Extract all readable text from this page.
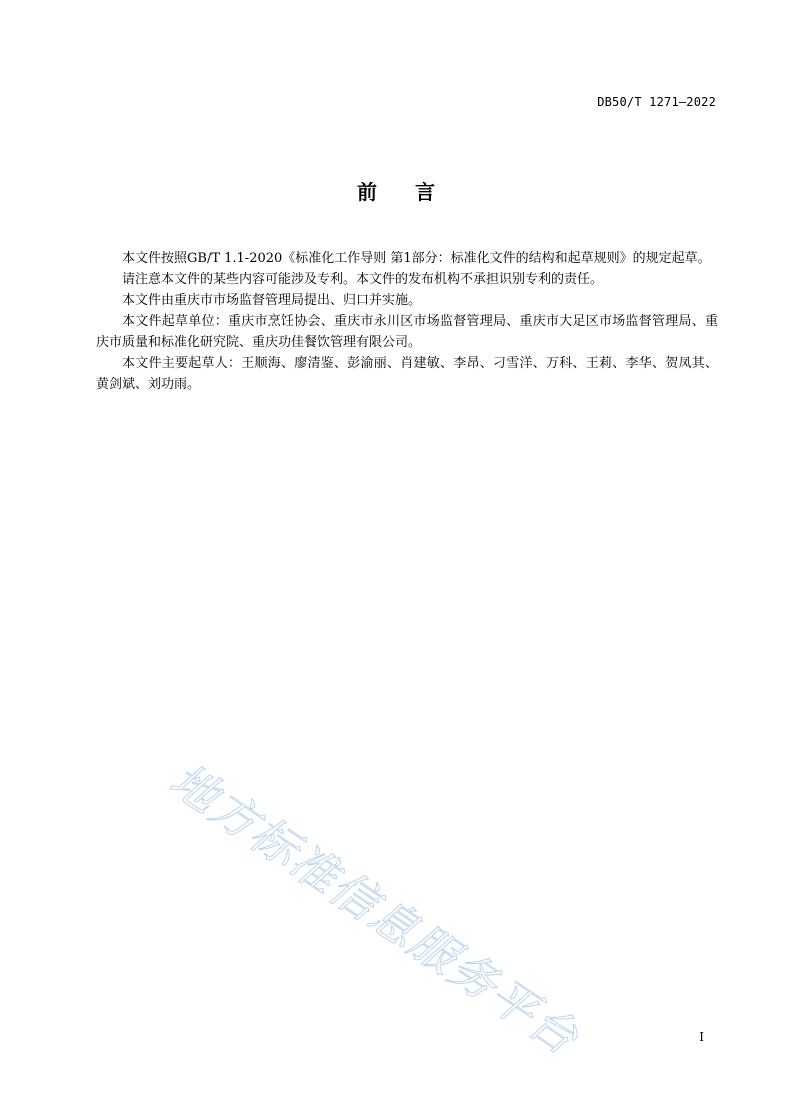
DB50/T 1271—2022
前言

本文件按照GB/T 1.1-2020《标准化工作导则 第1部分：标准化文件的结构和起草规则》的规定起草。

请注意本文件的某些内容可能涉及专利。本文件的发布机构不承担识别专利的责任。

本文件由重庆市市场监督管理局提出、归口并实施。

本文件起草单位：重庆市烹饪协会、重庆市永川区市场监督管理局、重庆市大足区市场监督管理局、重庆市质量和标准化研究院、重庆功佳餐饮管理有限公司。

本文件主要起草人：王顺海、廖清鉴、彭渝丽、肖建敏、李昂、刁雪洋、万科、王莉、李华、贺凤其、黄剑斌、刘功雨。

地方标准信息服务平台	I
